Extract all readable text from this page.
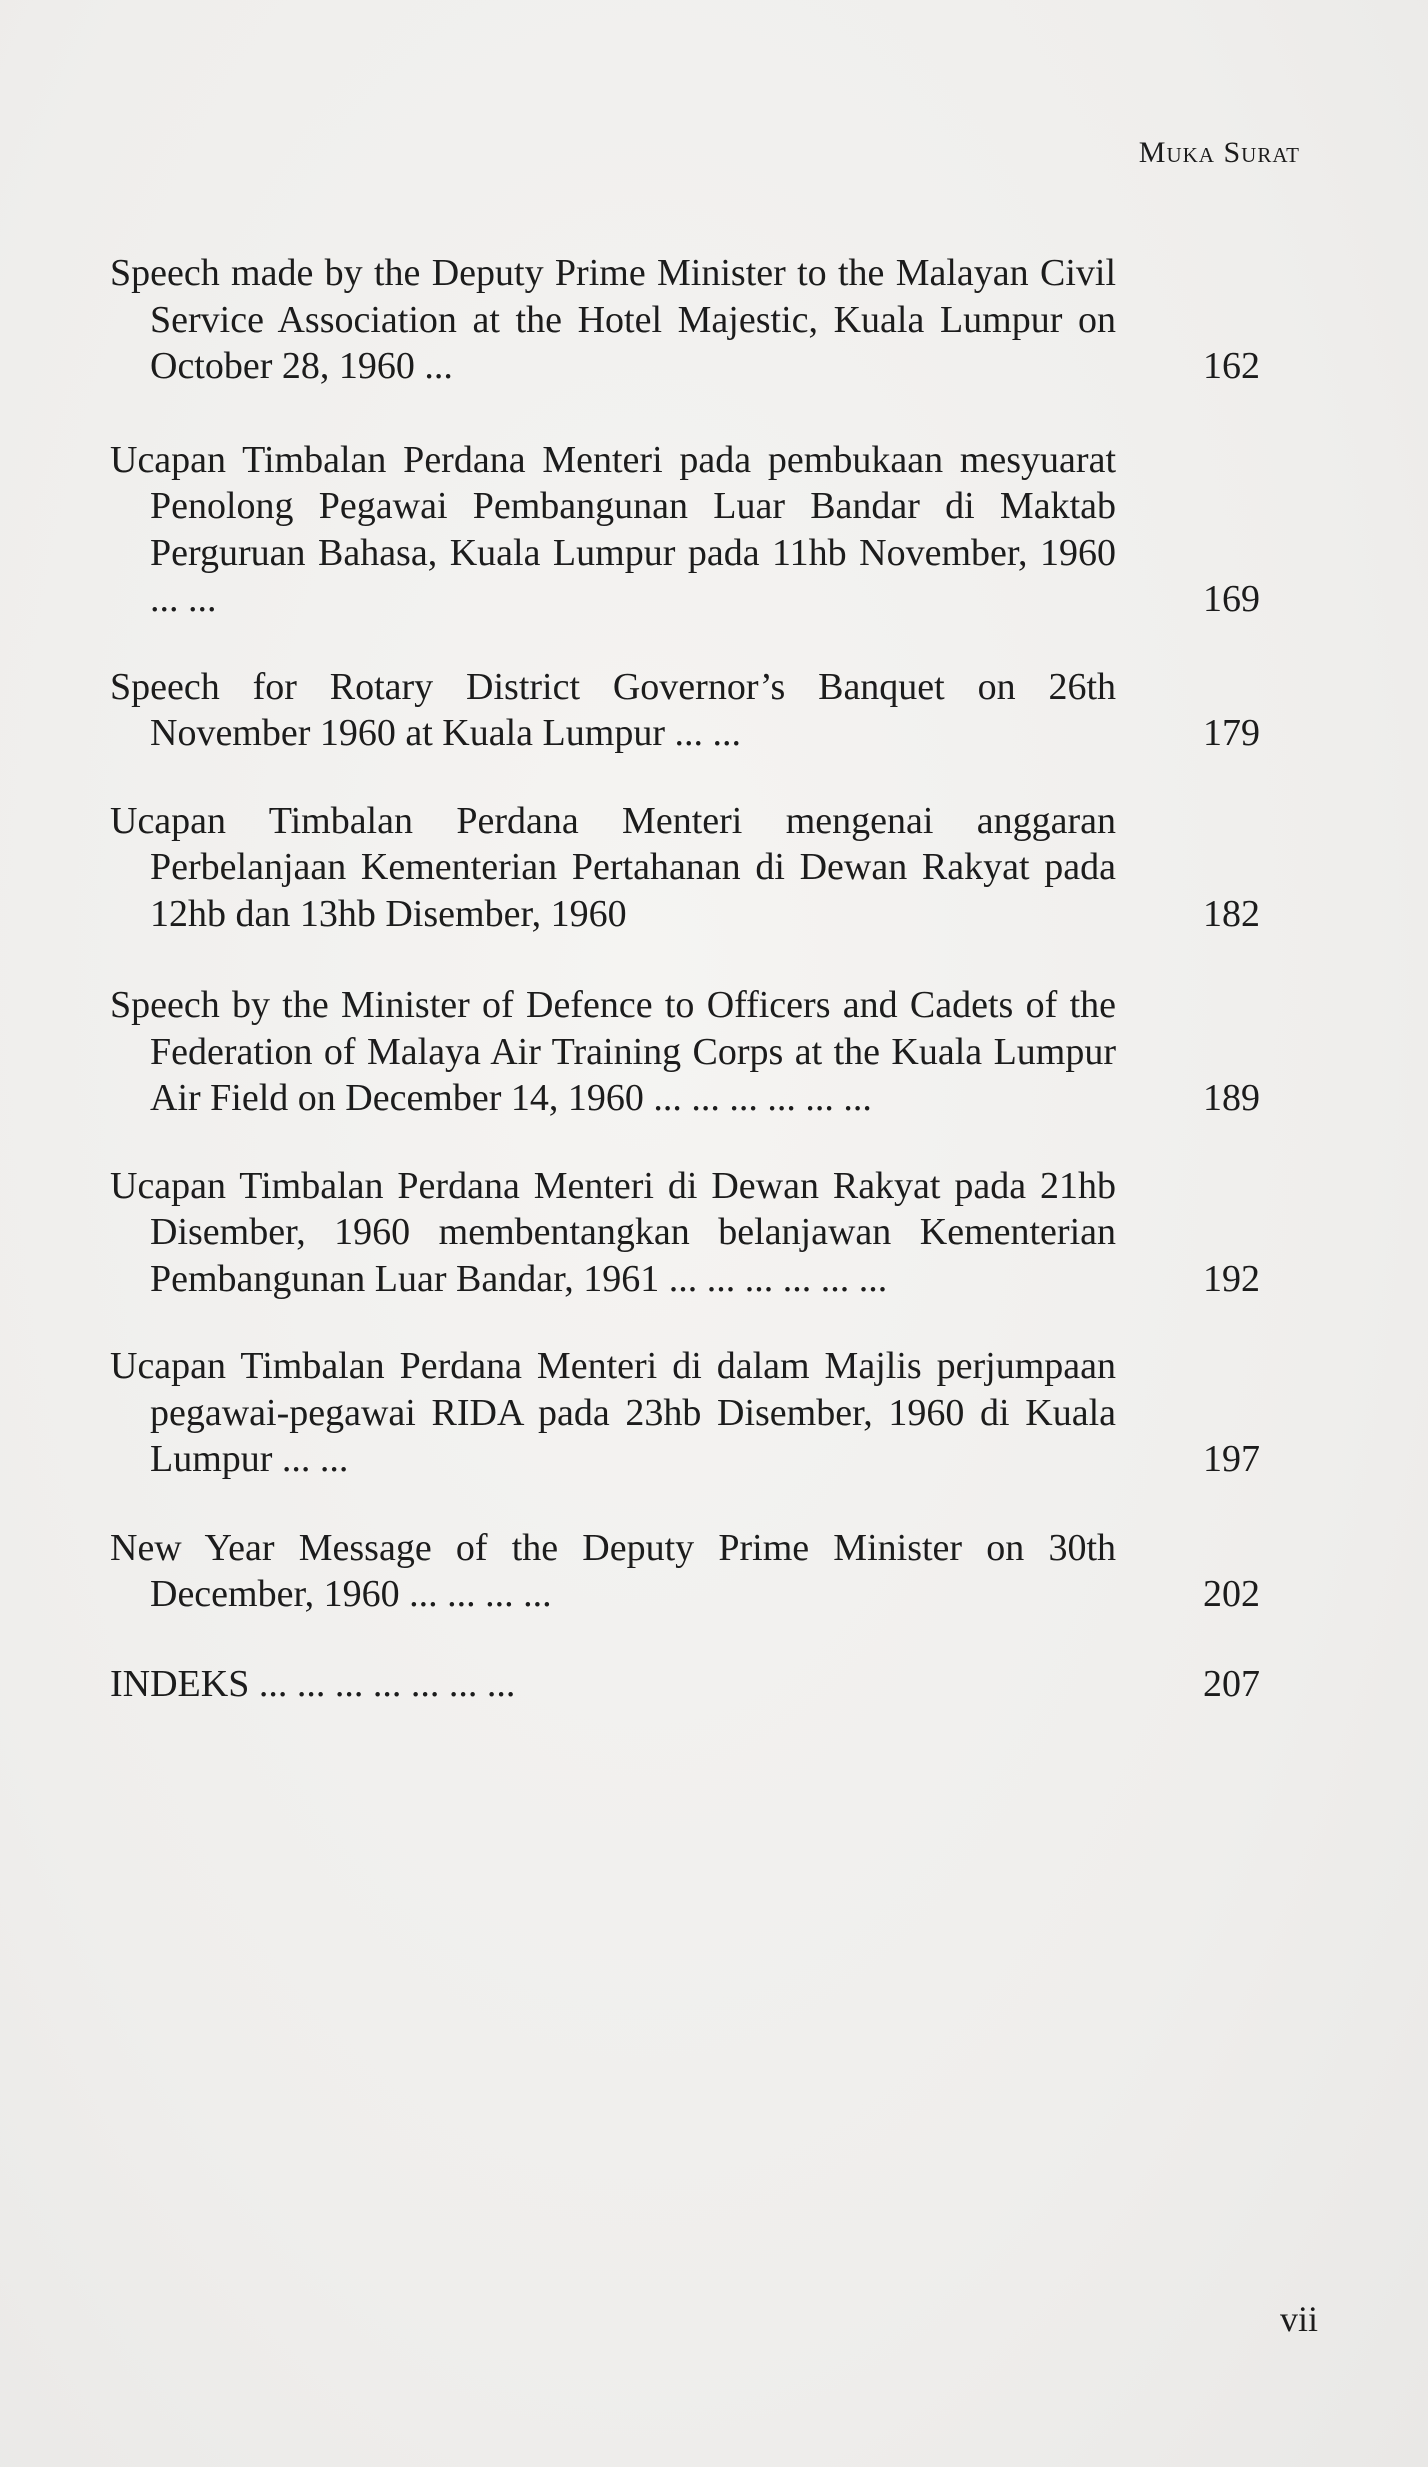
Muka Surat
Speech made by the Deputy Prime Minister to the Malayan Civil Service Association at the Hotel Majestic, Kuala Lumpur on October 28, 1960 ...	162
Ucapan Timbalan Perdana Menteri pada pembukaan mesyuarat Penolong Pegawai Pembangunan Luar Bandar di Maktab Perguruan Bahasa, Kuala Lumpur pada 11hb November, 1960 ... ...	169
Speech for Rotary District Governor’s Banquet on 26th November 1960 at Kuala Lumpur ... ...	179
Ucapan Timbalan Perdana Menteri mengenai anggaran Perbelanjaan Kementerian Pertahanan di Dewan Rakyat pada 12hb dan 13hb Disember, 1960	182
Speech by the Minister of Defence to Officers and Cadets of the Federation of Malaya Air Training Corps at the Kuala Lumpur Air Field on December 14, 1960 ... ... ... ... ... ...	189
Ucapan Timbalan Perdana Menteri di Dewan Rakyat pada 21hb Disember, 1960 membentangkan belanjawan Kementerian Pembangunan Luar Bandar, 1961 ... ... ... ... ... ...	192
Ucapan Timbalan Perdana Menteri di dalam Majlis perjumpaan pegawai-pegawai RIDA pada 23hb Disember, 1960 di Kuala Lumpur ... ...	197
New Year Message of the Deputy Prime Minister on 30th December, 1960 ... ... ... ...	202
INDEKS ... ... ... ... ... ... ...	207
vii
